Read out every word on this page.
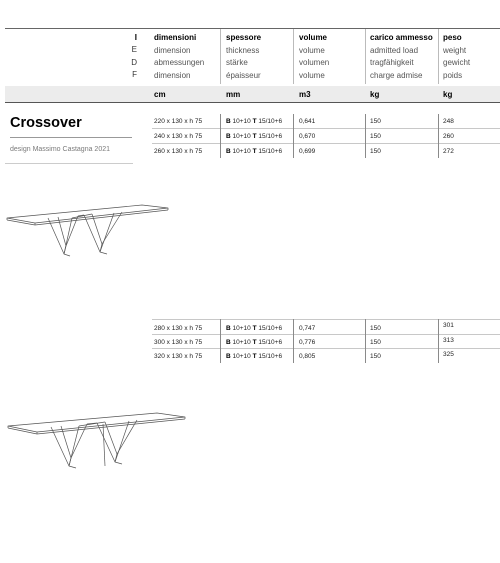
I
E
D
F
dimensioni
dimension
abmessungen
dimension
spessore
thickness
stärke
épaisseur
volume
volume
volumen
volume
carico ammesso
admitted load
tragfähigkeit
charge admise
peso
weight
gewicht
poids
cm	mm	m3	kg	kg
Crossover
design Massimo Castagna 2021
220 x 130 x h 75	B 10+10 T 15/10+6	0,641	150	248
240 x 130 x h 75	B 10+10 T 15/10+6	0,670	150	260
260 x 130 x h 75	B 10+10 T 15/10+6	0,699	150	272
280 x 130 x h 75	B 10+10 T 15/10+6	0,747	150	301
300 x 130 x h 75	B 10+10 T 15/10+6	0,776	150	313
320 x 130 x h 75	B 10+10 T 15/10+6	0,805	150	325
